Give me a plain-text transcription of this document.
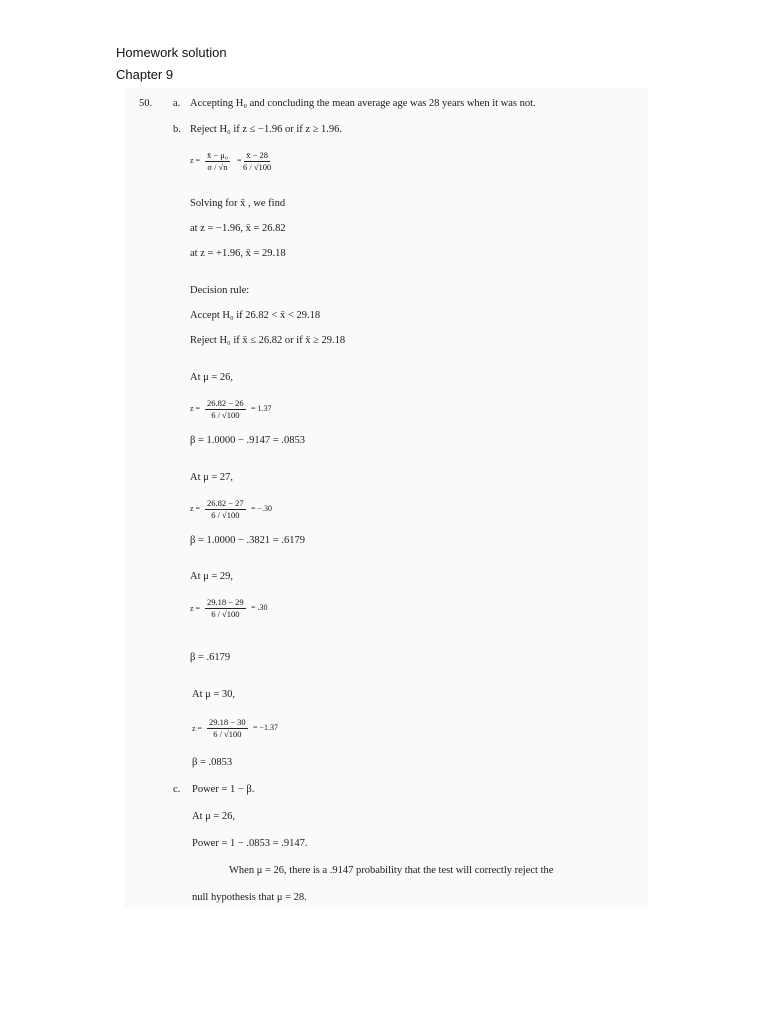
Homework solution
Chapter 9
50. a. Accepting H₀ and concluding the mean average age was 28 years when it was not.
b. Reject H₀ if z ≤ −1.96 or if z ≥ 1.96.
$z = \frac{\text{x̄ − μ₀}}{\sigma / √n} = \frac{x̄ - 28}{6 / √100}$
Solving for x̄ , we find
at z = −1.96, x̄ = 26.82
at z = +1.96, x̄ = 29.18
Decision rule:
Accept H₀ if 26.82 < x̄ < 29.18
Reject H₀ if x̄ ≤ 26.82 or if x̄ ≥ 29.18
At μ = 26,
$z = \frac{26.82 - 26}{6 / √100} = 1.37$
β = 1.0000 − .9147 = .0853
At μ = 27,
$z = \frac{26.82 - 27}{6 / √100} = -.30$
β = 1.0000 − .3821 = .6179
At μ = 29,
$z = \frac{29.18 - 29}{6 / √100} = .30$
β = .6179
At μ = 30,
$z = \frac{29.18 - 30}{6 / √100} = -1.37$
β = .0853
c. Power = 1 − β.
At μ = 26,
Power = 1 − .0853 = .9147.
When μ = 26, there is a .9147 probability that the test will correctly reject the
null hypothesis that μ = 28.
